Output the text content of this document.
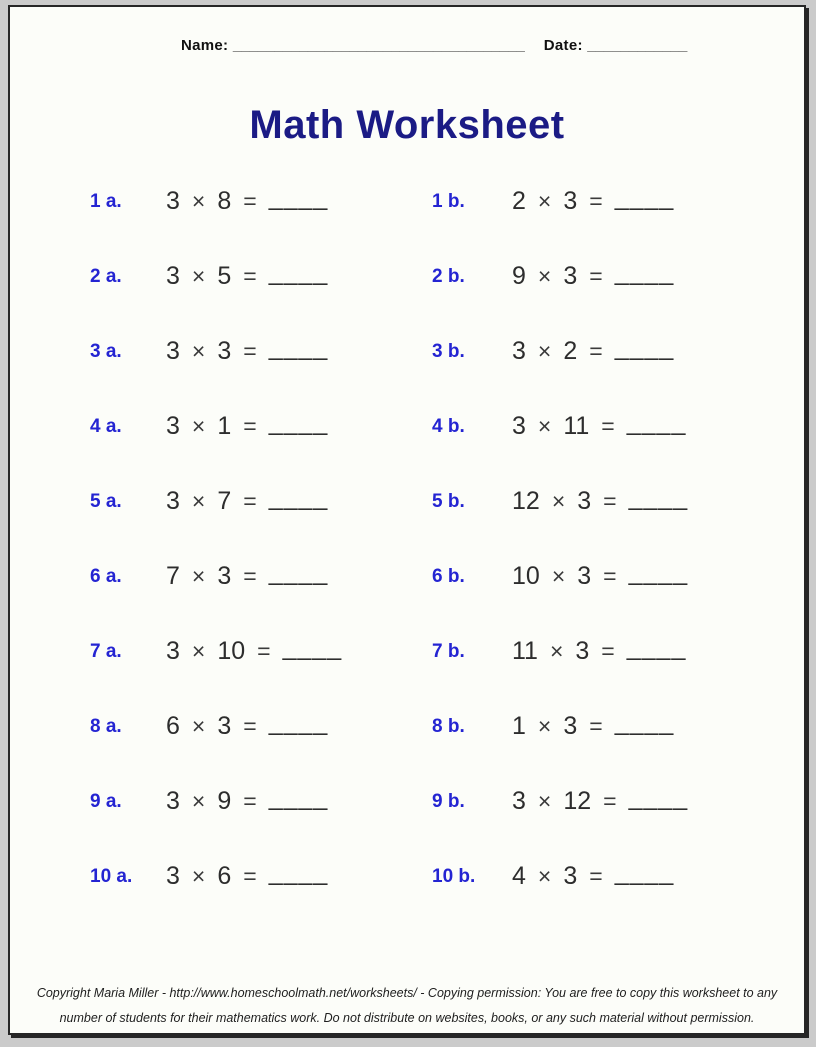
Name: ___________________________________ Date: ____________
Math Worksheet
1 a.	3 × 8 = ____	1 b.	2 × 3 = ____
2 a.	3 × 5 = ____	2 b.	9 × 3 = ____
3 a.	3 × 3 = ____	3 b.	3 × 2 = ____
4 a.	3 × 1 = ____	4 b.	3 × 11 = ____
5 a.	3 × 7 = ____	5 b.	12 × 3 = ____
6 a.	7 × 3 = ____	6 b.	10 × 3 = ____
7 a.	3 × 10 = ____	7 b.	11 × 3 = ____
8 a.	6 × 3 = ____	8 b.	1 × 3 = ____
9 a.	3 × 9 = ____	9 b.	3 × 12 = ____
10 a.	3 × 6 = ____	10 b.	4 × 3 = ____
Copyright Maria Miller - http://www.homeschoolmath.net/worksheets/ - Copying permission: You are free to copy this worksheet to any
number of students for their mathematics work. Do not distribute on websites, books, or any such material without permission.
